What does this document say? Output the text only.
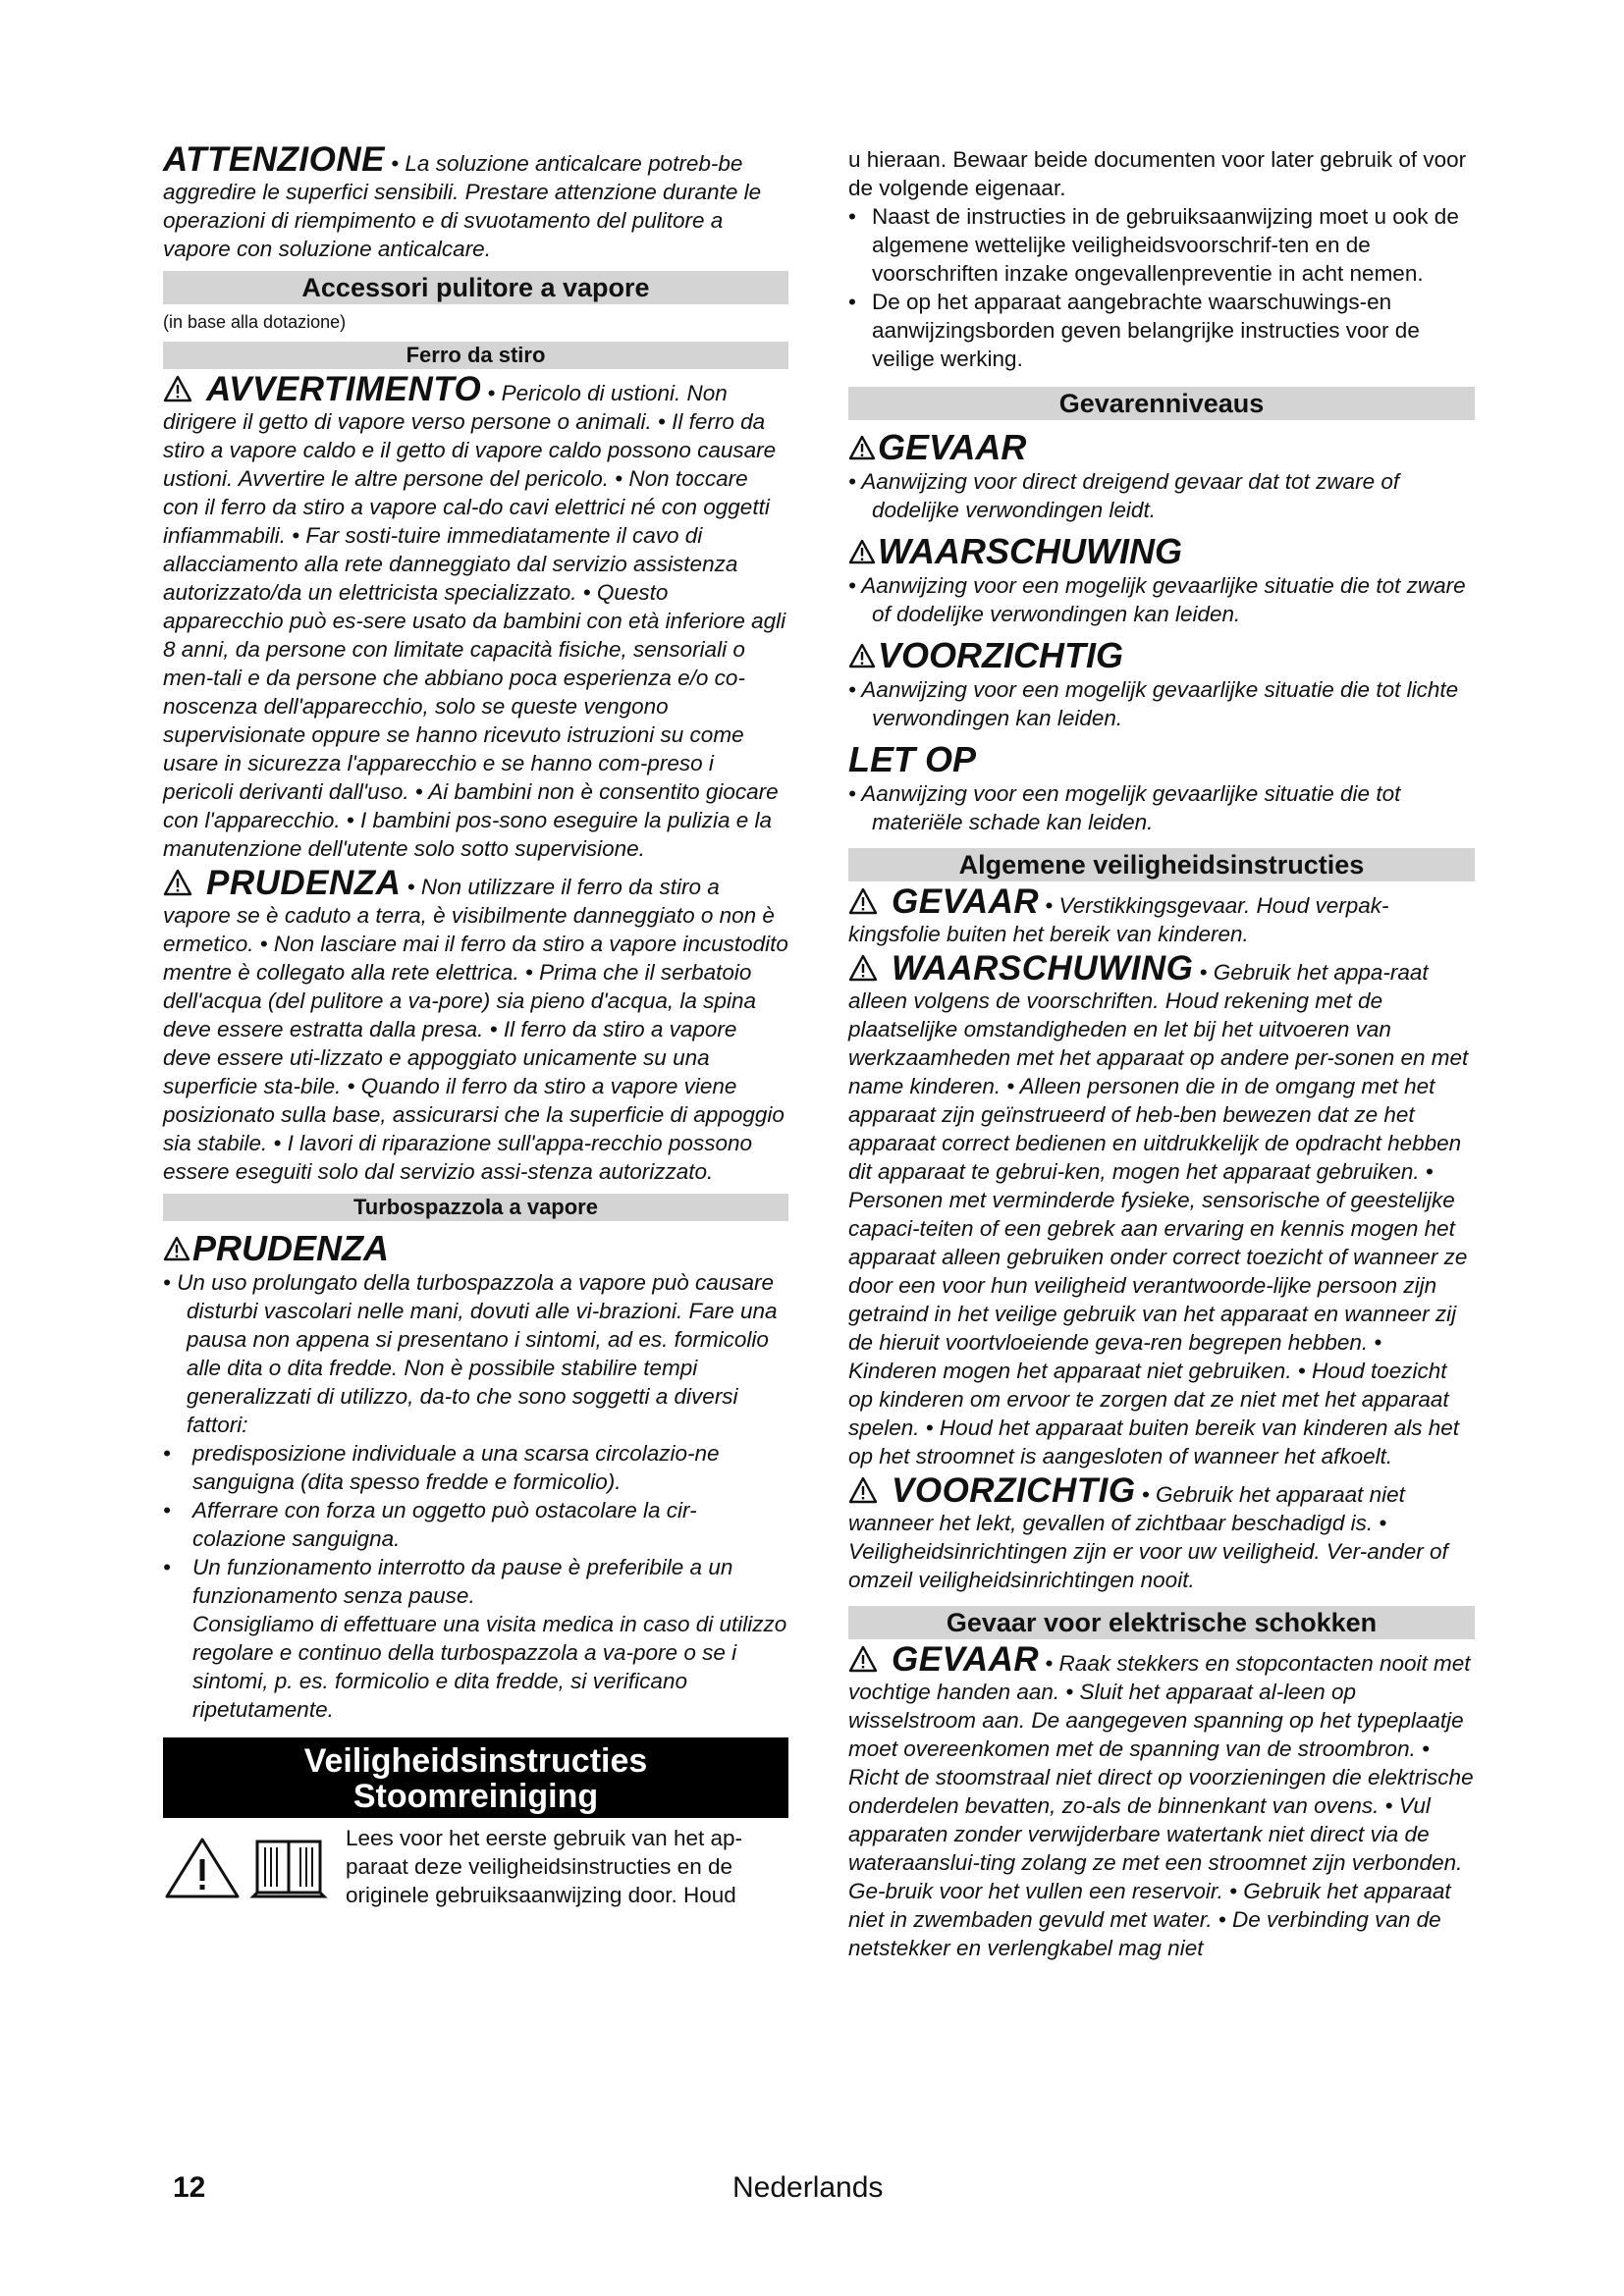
ATTENZIONE • La soluzione anticalcare potreb-be aggredire le superfici sensibili. Prestare attenzione durante le operazioni di riempimento e di svuotamento del pulitore a vapore con soluzione anticalcare.

Accessori pulitore a vapore

(in base alla dotazione)

Ferro da stiro

AVVERTIMENTO • Pericolo di ustioni. Non dirigere il getto di vapore verso persone o animali. • Il ferro da stiro a vapore caldo e il getto di vapore caldo possono causare ustioni. Avvertire le altre persone del pericolo. • Non toccare con il ferro da stiro a vapore cal-do cavi elettrici né con oggetti infiammabili. • Far sosti-tuire immediatamente il cavo di allacciamento alla rete danneggiato dal servizio assistenza autorizzato/da un elettricista specializzato. • Questo apparecchio può es-sere usato da bambini con età inferiore agli 8 anni, da persone con limitate capacità fisiche, sensoriali o men-tali e da persone che abbiano poca esperienza e/o co-noscenza dell'apparecchio, solo se queste vengono supervisionate oppure se hanno ricevuto istruzioni su come usare in sicurezza l'apparecchio e se hanno com-preso i pericoli derivanti dall'uso. • Ai bambini non è consentito giocare con l'apparecchio. • I bambini pos-sono eseguire la pulizia e la manutenzione dell'utente solo sotto supervisione.

PRUDENZA • Non utilizzare il ferro da stiro a vapore se è caduto a terra, è visibilmente danneggiato o non è ermetico. • Non lasciare mai il ferro da stiro a vapore incustodito mentre è collegato alla rete elettrica. • Prima che il serbatoio dell'acqua (del pulitore a va-pore) sia pieno d'acqua, la spina deve essere estratta dalla presa. • Il ferro da stiro a vapore deve essere uti-lizzato e appoggiato unicamente su una superficie sta-bile. • Quando il ferro da stiro a vapore viene posizionato sulla base, assicurarsi che la superficie di appoggio sia stabile. • I lavori di riparazione sull'appa-recchio possono essere eseguiti solo dal servizio assi-stenza autorizzato.

Turbospazzola a vapore
PRUDENZA

• Un uso prolungato della turbospazzola a vapore può causare disturbi vascolari nelle mani, dovuti alle vi-brazioni. Fare una pausa non appena si presentano i sintomi, ad es. formicolio alle dita o dita fredde. Non è possibile stabilire tempi generalizzati di utilizzo, da-to che sono soggetti a diversi fattori:

• predisposizione individuale a una scarsa circolazio-ne sanguigna (dita spesso fredde e formicolio).
• Afferrare con forza un oggetto può ostacolare la cir-colazione sanguigna.
• Un funzionamento interrotto da pause è preferibile a un funzionamento senza pause.

Consigliamo di effettuare una visita medica in caso di utilizzo regolare e continuo della turbospazzola a va-pore o se i sintomi, p. es. formicolio e dita fredde, si verificano ripetutamente.

Veiligheidsinstructies
Stoomreiniging

Lees voor het eerste gebruik van het ap-paraat deze veiligheidsinstructies en de originele gebruiksaanwijzing door. Houd

u hieraan. Bewaar beide documenten voor later gebruik of voor de volgende eigenaar.

• Naast de instructies in de gebruiksaanwijzing moet u ook de algemene wettelijke veiligheidsvoorschrif-ten en de voorschriften inzake ongevallenpreventie in acht nemen.
• De op het apparaat aangebrachte waarschuwings-en aanwijzingsborden geven belangrijke instructies voor de veilige werking.
Gevarenniveaus
GEVAAR

• Aanwijzing voor direct dreigend gevaar dat tot zware of dodelijke verwondingen leidt.

WAARSCHUWING

• Aanwijzing voor een mogelijk gevaarlijke situatie die tot zware of dodelijke verwondingen kan leiden.

VOORZICHTIG

• Aanwijzing voor een mogelijk gevaarlijke situatie die tot lichte verwondingen kan leiden.

LET OP

• Aanwijzing voor een mogelijk gevaarlijke situatie die tot materiële schade kan leiden.

Algemene veiligheidsinstructies

GEVAAR • Verstikkingsgevaar. Houd verpak-kingsfolie buiten het bereik van kinderen.

WAARSCHUWING • Gebruik het appa-raat alleen volgens de voorschriften. Houd rekening met de plaatselijke omstandigheden en let bij het uitvoeren van werkzaamheden met het apparaat op andere per-sonen en met name kinderen. • Alleen personen die in de omgang met het apparaat zijn geïnstrueerd of heb-ben bewezen dat ze het apparaat correct bedienen en uitdrukkelijk de opdracht hebben dit apparaat te gebrui-ken, mogen het apparaat gebruiken. • Personen met verminderde fysieke, sensorische of geestelijke capaci-teiten of een gebrek aan ervaring en kennis mogen het apparaat alleen gebruiken onder correct toezicht of wanneer ze door een voor hun veiligheid verantwoorde-lijke persoon zijn getraind in het veilige gebruik van het apparaat en wanneer zij de hieruit voortvloeiende geva-ren begrepen hebben. • Kinderen mogen het apparaat niet gebruiken. • Houd toezicht op kinderen om ervoor te zorgen dat ze niet met het apparaat spelen. • Houd het apparaat buiten bereik van kinderen als het op het stroomnet is aangesloten of wanneer het afkoelt.

VOORZICHTIG • Gebruik het apparaat niet wanneer het lekt, gevallen of zichtbaar beschadigd is. • Veiligheidsinrichtingen zijn er voor uw veiligheid. Ver-ander of omzeil veiligheidsinrichtingen nooit.

Gevaar voor elektrische schokken

GEVAAR • Raak stekkers en stopcontacten nooit met vochtige handen aan. • Sluit het apparaat al-leen op wisselstroom aan. De aangegeven spanning op het typeplaatje moet overeenkomen met de spanning van de stroombron. • Richt de stoomstraal niet direct op voorzieningen die elektrische onderdelen bevatten, zo-als de binnenkant van ovens. • Vul apparaten zonder verwijderbare watertank niet direct via de wateraanslui-ting zolang ze met een stroomnet zijn verbonden. Ge-bruik voor het vullen een reservoir. • Gebruik het apparaat niet in zwembaden gevuld met water. • De verbinding van de netstekker en verlengkabel mag niet

12	Nederlands
